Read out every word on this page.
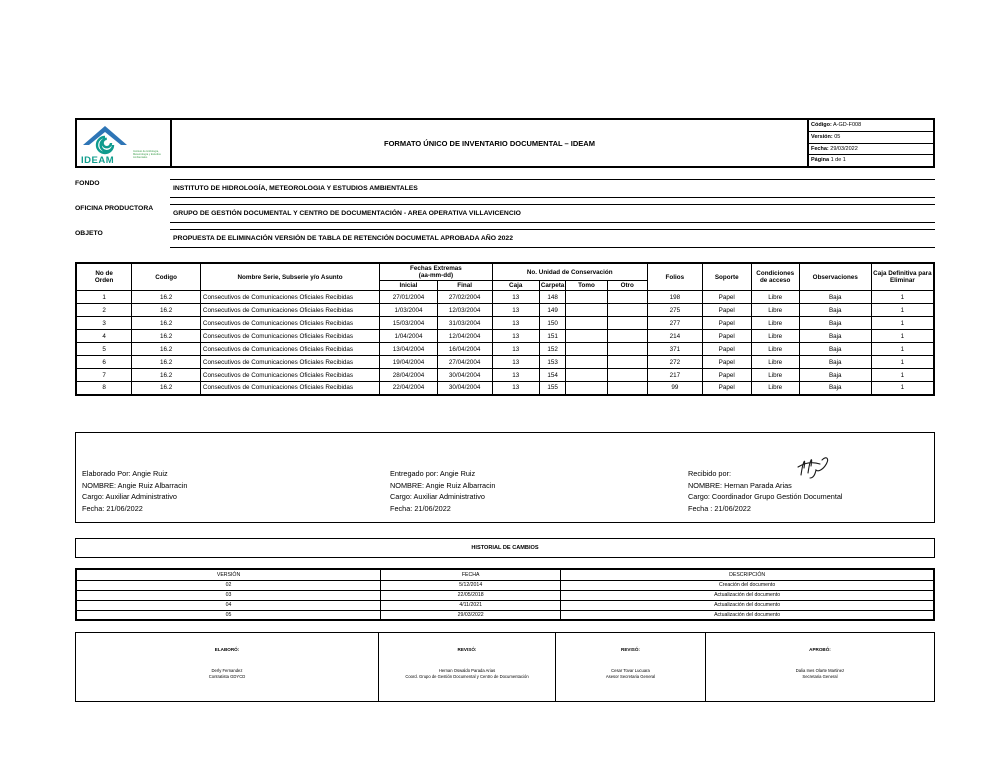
IDEAM
Instituto de Hidrología, Meteorología y Estudios Ambientales
FORMATO ÚNICO DE INVENTARIO DOCUMENTAL – IDEAM
Código: A-GD-F008
Versión: 05
Fecha: 29/03/2022
Página 1 de 1
FONDO
INSTITUTO DE HIDROLOGÍA, METEOROLOGIA Y ESTUDIOS AMBIENTALES
OFICINA PRODUCTORA
GRUPO DE GESTIÓN DOCUMENTAL Y CENTRO DE DOCUMENTACIÓN - AREA OPERATIVA VILLAVICENCIO
OBJETO
PROPUESTA DE ELIMINACIÓN VERSIÓN DE TABLA DE RETENCIÓN DOCUMETAL APROBADA AÑO 2022
No de Orden	Codigo	Nombre Serie, Subserie y/o Asunto	Fechas Extremas
(aa-mm-dd)		No. Unidad de Conservación				Folios	Soporte	Condiciones de acceso	Observaciones	Caja Definitiva para Eliminar
			Inicial	Final	Caja	Carpeta	Tomo	Otro					
1	16.2	Consecutivos de Comunicaciones Oficiales Recibidas	27/01/2004	27/02/2004	13	148			198	Papel	Libre	Baja	1
2	16.2	Consecutivos de Comunicaciones Oficiales Recibidas	1/03/2004	12/03/2004	13	149			275	Papel	Libre	Baja	1
3	16.2	Consecutivos de Comunicaciones Oficiales Recibidas	15/03/2004	31/03/2004	13	150			277	Papel	Libre	Baja	1
4	16.2	Consecutivos de Comunicaciones Oficiales Recibidas	1/04/2004	12/04/2004	13	151			214	Papel	Libre	Baja	1
5	16.2	Consecutivos de Comunicaciones Oficiales Recibidas	13/04/2004	16/04/2004	13	152			371	Papel	Libre	Baja	1
6	16.2	Consecutivos de Comunicaciones Oficiales Recibidas	19/04/2004	27/04/2004	13	153			272	Papel	Libre	Baja	1
7	16.2	Consecutivos de Comunicaciones Oficiales Recibidas	28/04/2004	30/04/2004	13	154			217	Papel	Libre	Baja	1
8	16.2	Consecutivos de Comunicaciones Oficiales Recibidas	22/04/2004	30/04/2004	13	155			99	Papel	Libre	Baja	1
Elaborado Por: Angie Ruiz
NOMBRE: Angie Ruiz Albarracin
Cargo: Auxiliar Administrativo
Fecha: 21/06/2022
Entregado por: Angie Ruiz
NOMBRE: Angie Ruiz Albarracin
Cargo: Auxiliar Administrativo
Fecha: 21/06/2022
Recibido por:
NOMBRE: Hernan Parada Arias
Cargo: Coordinador Grupo Gestión Documental
Fecha : 21/06/2022
HISTORIAL DE CAMBIOS
VERSIÓN	FECHA	DESCRIPCIÓN
02	5/12/2014	Creación del documento
03	22/05/2018	Actualización del documento
04	4/11/2021	Actualización del documento
05	29/03/2022	Actualización del documento
ELABORÓ:
Derly Fernandez
Contratista GDYCD
REVISÓ:
Hernan Oswaldo Parada Arias
Coord. Grupo de Gestión Documental y Centro de Documentación
REVISÓ:
Cesar Tovar Lucuara
Asesor Secretaria General
APROBÓ:
Dalia Ines Olarte Martinez
Secretaria General
